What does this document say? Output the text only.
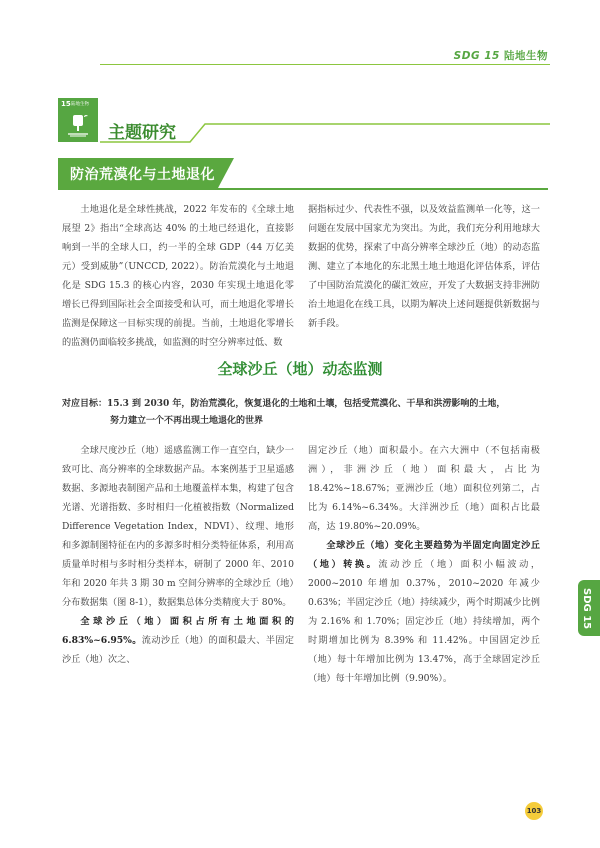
SDG 15 陆地生物
15 陆地生物
主题研究
防治荒漠化与土地退化

土地退化是全球性挑战，2022 年发布的《全球土地展望 2》指出“全球高达 40% 的土地已经退化，直接影响到一半的全球人口，约一半的全球 GDP（44 万亿美元）受到威胁”（UNCCD, 2022）。防治荒漠化与土地退化是 SDG 15.3 的核心内容，2030 年实现土地退化零增长已得到国际社会全面接受和认可，而土地退化零增长监测是保障这一目标实现的前提。当前，土地退化零增长的监测仍面临较多挑战，如监测的时空分辨率过低、数

据指标过少、代表性不强，以及效益监测单一化等，这一问题在发展中国家尤为突出。为此，我们充分利用地球大数据的优势，探索了中高分辨率全球沙丘（地）的动态监测、建立了本地化的东北黑土地土地退化评估体系，评估了中国防治荒漠化的碳汇效应，开发了大数据支持非洲防治土地退化在线工具，以期为解决上述问题提供新数据与新手段。

全球沙丘（地）动态监测
对应目标：15.3 到 2030 年，防治荒漠化，恢复退化的土地和土壤，包括受荒漠化、干旱和洪涝影响的土地，
努力建立一个不再出现土地退化的世界

全球尺度沙丘（地）遥感监测工作一直空白，缺少一致可比、高分辨率的全球数据产品。本案例基于卫星遥感数据、多源地表制图产品和土地覆盖样本集，构建了包含光谱、光谱指数、多时相归一化植被指数（Normalized Difference Vegetation Index，NDVI）、纹理、地形和多源制图特征在内的多源多时相分类特征体系，利用高质量单时相与多时相分类样本，研制了 2000 年、2010 年和 2020 年共 3 期 30 m 空间分辨率的全球沙丘（地）分布数据集（图 8-1），数据集总体分类精度大于 80%。

全球沙丘（地）面积占所有土地面积的 6.83%~6.95%。流动沙丘（地）的面积最大、半固定沙丘（地）次之、

固定沙丘（地）面积最小。在六大洲中（不包括南极洲），非洲沙丘（地）面积最大，占比为 18.42%~18.67%；亚洲沙丘（地）面积位列第二，占比为 6.14%~6.34%。大洋洲沙丘（地）面积占比最高，达 19.80%~20.09%。

全球沙丘（地）变化主要趋势为半固定向固定沙丘（地）转换。流动沙丘（地）面积小幅波动，2000~2010 年增加 0.37%，2010~2020 年减少 0.63%；半固定沙丘（地）持续减少，两个时期减少比例为 2.16% 和 1.70%；固定沙丘（地）持续增加，两个时期增加比例为 8.39% 和 11.42%。中国固定沙丘（地）每十年增加比例为 13.47%，高于全球固定沙丘（地）每十年增加比例（9.90%）。

SDG 15
103
